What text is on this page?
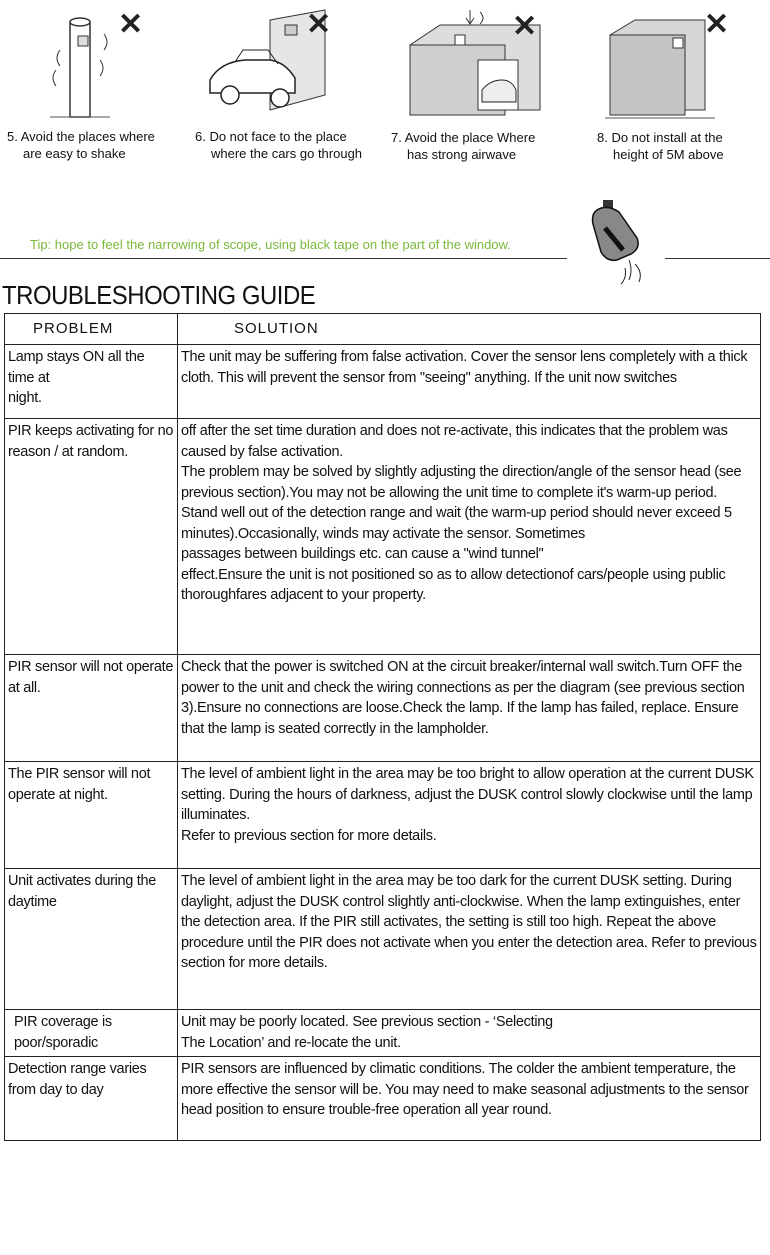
✕	✕	✕	✕
5. Avoid the places where
are easy to shake
6. Do not face to the place
where the cars go through
7. Avoid the place Where
has strong airwave
8. Do not install at the
height of 5M above
Tip: hope to feel the narrowing of scope, using black tape on the part of the window.
TROUBLESHOOTING GUIDE
PROBLEM	SOLUTION
Lamp stays ON all the time at
night.	The unit may be suffering from false activation. Cover the sensor lens completely with a thick cloth. This will prevent the sensor from "seeing" anything. If the unit now switches
PIR keeps activating for no reason / at random.	off after the set time duration and does not re-activate, this indicates that the problem was caused by false activation.
The problem may be solved by slightly adjusting the direction/angle of the sensor head (see previous section).You may not be allowing the unit time to complete it's warm-up period. Stand well out of the detection range and wait (the warm-up period should never exceed 5 minutes).Occasionally, winds may activate the sensor. Sometimes
passages between buildings etc. can cause a "wind tunnel"
effect.Ensure the unit is not positioned so as to allow detectionof cars/people using public thoroughfares adjacent to your property.
PIR sensor will not operate at all.	Check that the power is switched ON at the circuit breaker/internal wall switch.Turn OFF the power to the unit and check the wiring connections as per the diagram (see previous section 3).Ensure no connections are loose.Check the lamp. If the lamp has failed, replace. Ensure that the lamp is seated correctly in the lampholder.
The PIR sensor will not operate at night.	The level of ambient light in the area may be too bright to allow operation at the current DUSK setting. During the hours of darkness, adjust the DUSK control slowly clockwise until the lamp illuminates.
Refer to previous section for more details.
Unit activates during the daytime	The level of ambient light in the area may be too dark for the current DUSK setting. During daylight, adjust the DUSK control slightly anti-clockwise. When the lamp extinguishes, enter the detection area. If the PIR still activates, the setting is still too high. Repeat the above procedure until the PIR does not activate when you enter the detection area. Refer to previous section for more details.
PIR coverage is poor/sporadic	Unit may be poorly located. See previous section - ‘Selecting
The Location’ and re-locate the unit.
Detection range varies from day to day	PIR sensors are influenced by climatic conditions. The colder the ambient temperature, the more effective the sensor will be. You may need to make seasonal adjustments to the sensor head position to ensure trouble-free operation all year round.
